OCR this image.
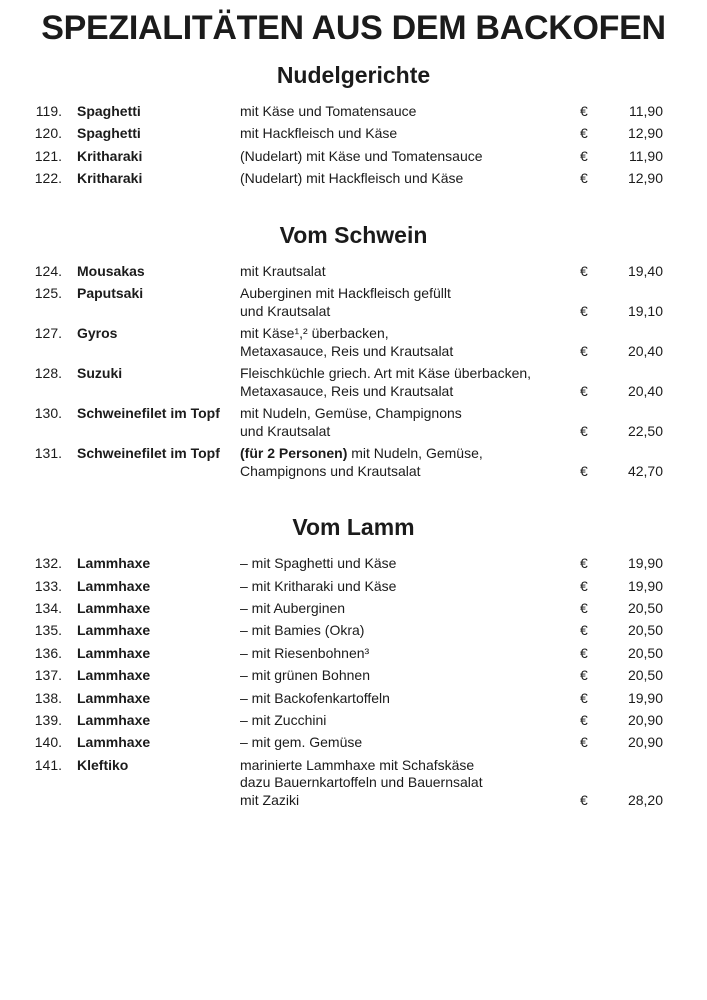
SPEZIALITÄTEN AUS DEM BACKOFEN
Nudelgerichte
119. Spaghetti	mit Käse und Tomatensauce	€	11,90
120. Spaghetti	mit Hackfleisch und Käse	€	12,90
121. Kritharaki	(Nudelart) mit Käse und Tomatensauce	€	11,90
122. Kritharaki	(Nudelart) mit Hackfleisch und Käse	€	12,90
Vom Schwein
124. Mousakas	mit Krautsalat	€	19,40
125. Paputsaki	Auberginen mit Hackfleisch gefüllt
und Krautsalat	€	19,10
127. Gyros	mit Käse¹,² überbacken,
Metaxasauce, Reis und Krautsalat	€	20,40
128. Suzuki	Fleischküchle griech. Art mit Käse überbacken,
Metaxasauce, Reis und Krautsalat	€	20,40
130. Schweinefilet im Topf	mit Nudeln, Gemüse, Champignons
und Krautsalat	€	22,50
131. Schweinefilet im Topf	(für 2 Personen) mit Nudeln, Gemüse,
Champignons und Krautsalat	€	42,70
Vom Lamm
132. Lammhaxe	– mit Spaghetti und Käse	€	19,90
133. Lammhaxe	– mit Kritharaki und Käse	€	19,90
134. Lammhaxe	– mit Auberginen	€	20,50
135. Lammhaxe	– mit Bamies (Okra)	€	20,50
136. Lammhaxe	– mit Riesenbohnen³	€	20,50
137. Lammhaxe	– mit grünen Bohnen	€	20,50
138. Lammhaxe	– mit Backofenkartoffeln	€	19,90
139. Lammhaxe	– mit Zucchini	€	20,90
140. Lammhaxe	– mit gem. Gemüse	€	20,90
141. Kleftiko	marinierte Lammhaxe mit Schafskäse
dazu Bauernkartoffeln und Bauernsalat
mit Zaziki	€	28,20
